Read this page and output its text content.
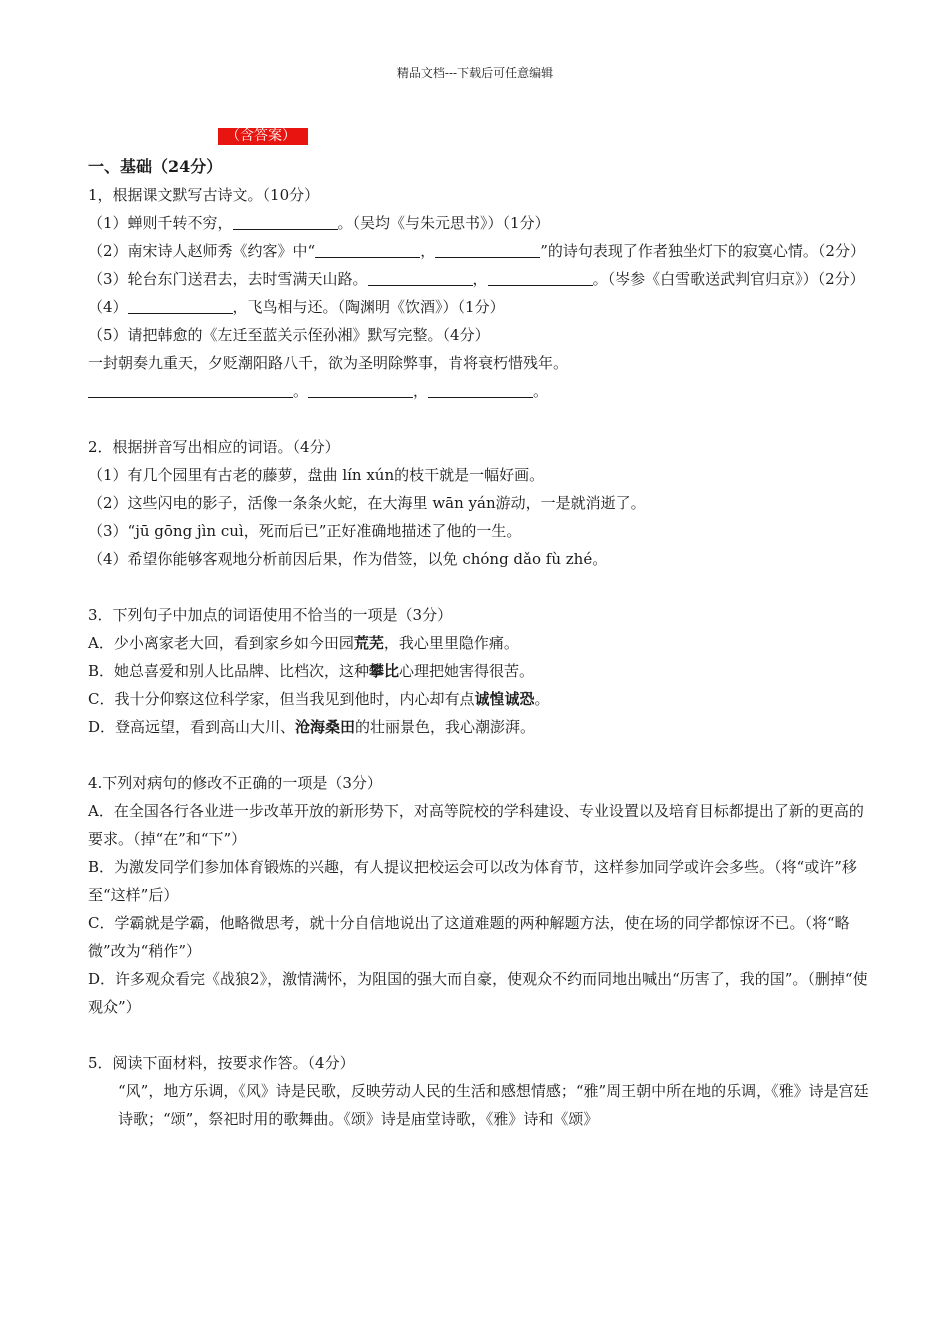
精品文档---下载后可任意编辑
（含答案）
一、基础（24分）
1，根据课文默写古诗文。（10分）
（1）蝉则千转不穷，	。（吴均《与朱元思书》）（1分）
（2）南宋诗人赵师秀《约客》中“	，	”的诗句表现了作者独坐灯下的寂寞心情。（2分）
（3）轮台东门送君去，去时雪满天山路。	，	。（岑参《白雪歌送武判官归京》）（2分）
（4）	，飞鸟相与还。（陶渊明《饮酒》）（1分）
（5）请把韩愈的《左迁至蓝关示侄孙湘》默写完整。（4分）
一封朝奏九重天，夕贬潮阳路八千，欲为圣明除弊事，肯将衰朽惜残年。
。	，	。
2．根据拼音写出相应的词语。（4分）
（1）有几个园里有古老的藤萝，盘曲 lín xún的枝干就是一幅好画。
（2）这些闪电的影子，活像一条条火蛇，在大海里 wān yán游动，一是就消逝了。
（3）“jū gōng jìn cuì，死而后已”正好准确地描述了他的一生。
（4）希望你能够客观地分析前因后果，作为借签，以免 chóng dǎo fù zhé。
3．下列句子中加点的词语使用不恰当的一项是（3分）
A．少小离家老大回，看到家乡如今田园荒芜，我心里里隐作痛。
B．她总喜爱和别人比品牌、比档次，这种攀比心理把她害得很苦。
C．我十分仰察这位科学家，但当我见到他时，内心却有点诚惶诚恐。
D．登高远望，看到高山大川、沧海桑田的壮丽景色，我心潮澎湃。
4.下列对病句的修改不正确的一项是（3分）
A．在全国各行各业进一步改革开放的新形势下，对高等院校的学科建设、专业设置以及培育目标都提出了新的更高的要求。（掉“在”和“下”）
B．为激发同学们参加体育锻炼的兴趣，有人提议把校运会可以改为体育节，这样参加同学或许会多些。（将“或许”移至“这样”后）
C．学霸就是学霸，他略微思考，就十分自信地说出了这道难题的两种解题方法，使在场的同学都惊讶不已。（将“略微”改为“稍作”）
D．许多观众看完《战狼2》，激情满怀，为阻国的强大而自豪，使观众不约而同地出喊出“历害了，我的国”。（删掉“使观众”）
5．阅读下面材料，按要求作答。（4分）
“风”，地方乐调，《风》诗是民歌，反映劳动人民的生活和感想情感；“雅”周王朝中所在地的乐调，《雅》诗是宫廷诗歌；“颂”，祭祀时用的歌舞曲。《颂》诗是庙堂诗歌，《雅》诗和《颂》
